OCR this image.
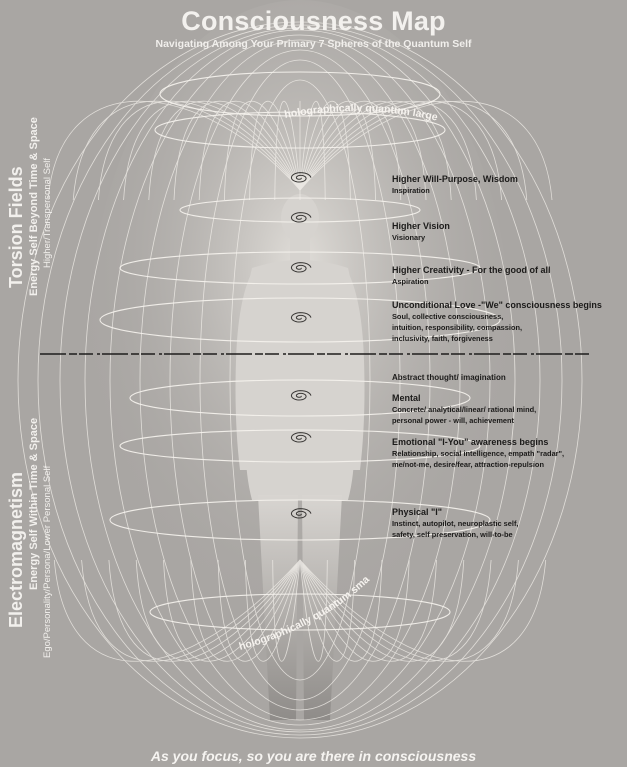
holographically quantum large
holographically quantum sma
Consciousness Map
Navigating Among Your Primary 7 Spheres of the Quantum Self
Torsion Fields Energy Self Beyond Time & Space Higher/Transpersonal Self
Electromagnetism Energy Self Within Time & Space Ego/Personality/Persona/Lower Personal Self
Higher Will-Purpose, Wisdom
Inspiration
Higher Vision
Visionary
Higher Creativity - For the good of all
Aspiration
Unconditional Love -"We" consciousness begins
Soul, collective consciousness,
intuition, responsibility, compassion,
inclusivity, faith, forgiveness
Abstract thought/ imagination
Mental
Concrete/ analytical/linear/ rational mind,
personal power - will, achievement
Emotional "I-You" awareness begins
Relationship, social intelligence, empath "radar",
me/not-me, desire/fear, attraction-repulsion
Physical "I"
Instinct, autopilot, neuroplastic self,
safety, self preservation, will-to-be
As you focus, so you are there in consciousness
